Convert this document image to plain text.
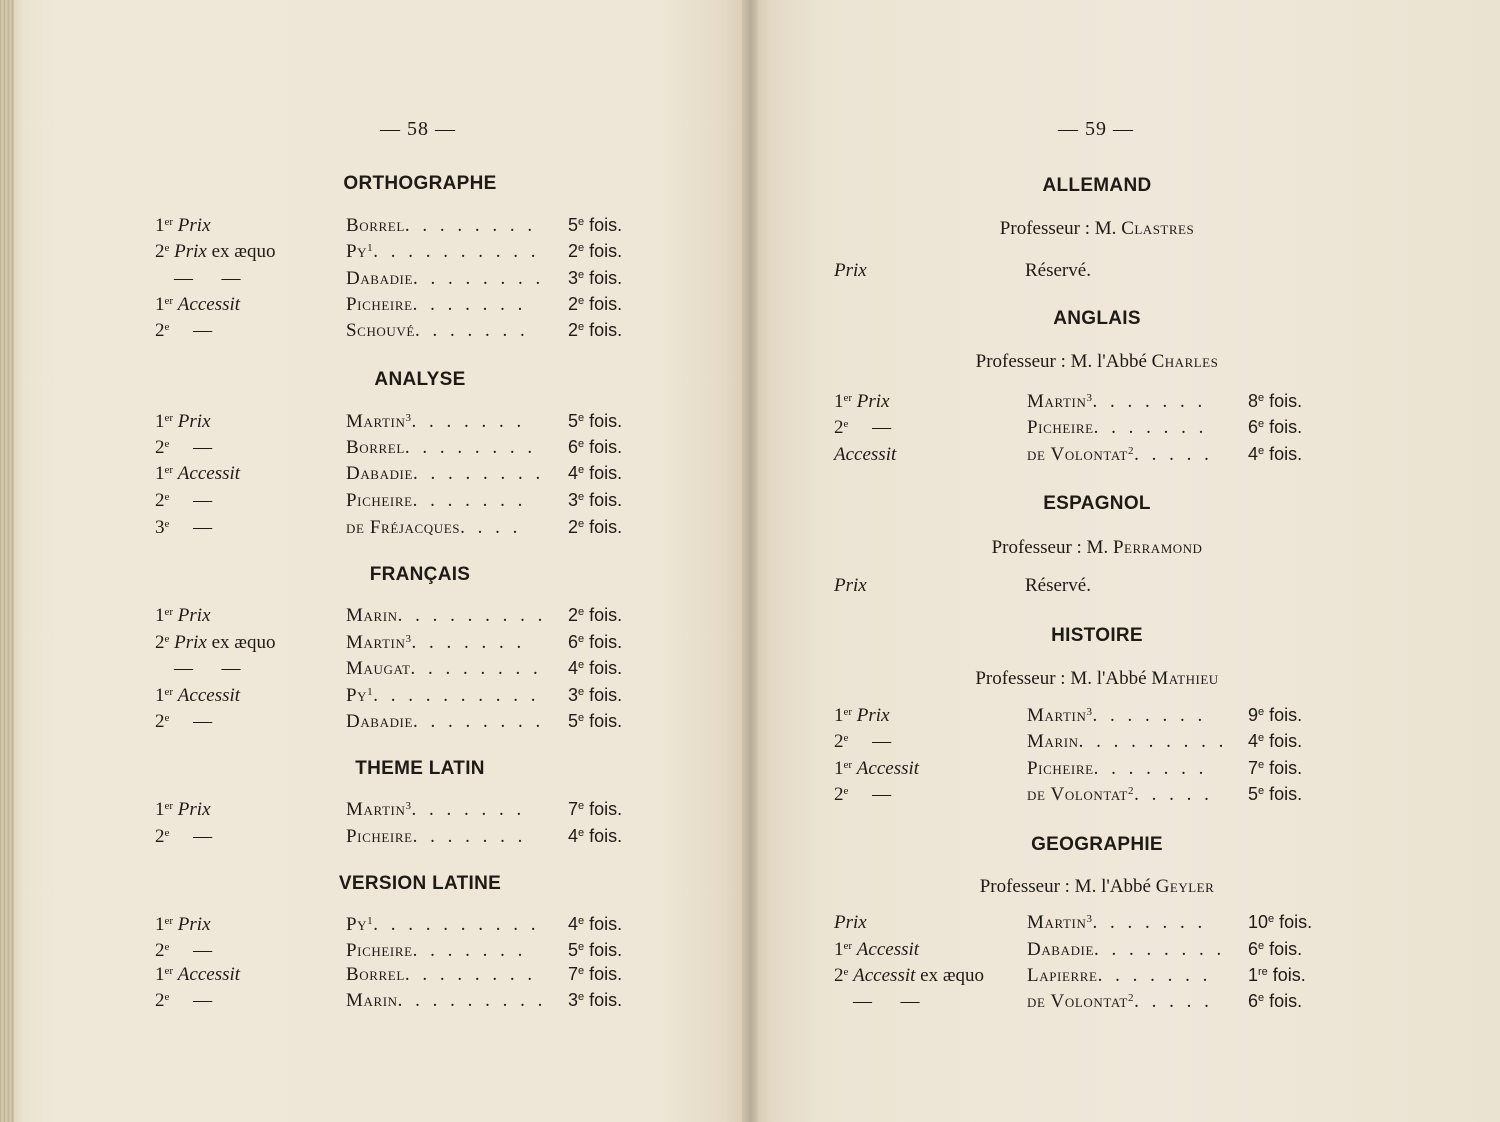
— 58 —
ORTHOGRAPHE
1er Prix	Borrel . . . . . . . . 5e fois.
2e Prix ex æquo	Py$^1$ . . . . . . . . . . 2e fois.
 —  —	Dabadie . . . . . . . . 3e fois.
1er Accessit	Picheire . . . . . . . 2e fois.
2e  —	Schouvé . . . . . . . 2e fois.
ANALYSE
1er Prix	Martin$^3$ . . . . . . . 5e fois.
2e  —	Borrel . . . . . . . . 6e fois.
1er Accessit	Dabadie . . . . . . . . 4e fois.
2e  —	Picheire . . . . . . . 3e fois.
3e  —	de Fréjacques . . . .	2e fois.
FRANÇAIS
1er Prix	Marin . . . . . . . . . 2e fois.
2e Prix ex æquo	Martin$^3$ . . . . . . . 6e fois.
 —  —	Maugat . . . . . . . . 4e fois.
1er Accessit	Py$^1$ . . . . . . . . . . 3e fois.
2e  —	Dabadie . . . . . . . . 5e fois.
THEME LATIN
1er Prix	Martin$^3$ . . . . . . . 7e fois.
2e  —	Picheire . . . . . . . 4e fois.
VERSION LATINE
1er Prix	Py$^1$ . . . . . . . . . . 4e fois.
2e  —	Picheire . . . . . . . 5e fois.
1er Accessit	Borrel . . . . . . . . 7e fois.
2e  —	Marin . . . . . . . . . 3e fois.
— 59 —
ALLEMAND
Professeur : M. Clastres
Prix	Réservé.
ANGLAIS
Professeur : M. l'Abbé Charles
1er Prix	Martin$^3$ . . . . . . . 8e fois.
2e  —	Picheire . . . . . . . 6e fois.
Accessit	de Volontat$^2$ . . . . . 4e fois.
ESPAGNOL
Professeur : M. Perramond
Prix	Réservé.
HISTOIRE
Professeur : M. l'Abbé Mathieu
1er Prix	Martin$^3$ . . . . . . . 9e fois.
2e  —	Marin . . . . . . . . . 4e fois.
1er Accessit	Picheire . . . . . . . 7e fois.
2e  —	de Volontat$^2$ . . . . . 5e fois.
GEOGRAPHIE
Professeur : M. l'Abbé Geyler
Prix	Martin$^3$ . . . . . . . 10e fois.
1er Accessit	Dabadie . . . . . . . . 6e fois.
2e Accessit ex æquo Lapierre . . . . . . . 1re fois.
 —  —	de Volontat$^2$ . . . . . 6e fois.
